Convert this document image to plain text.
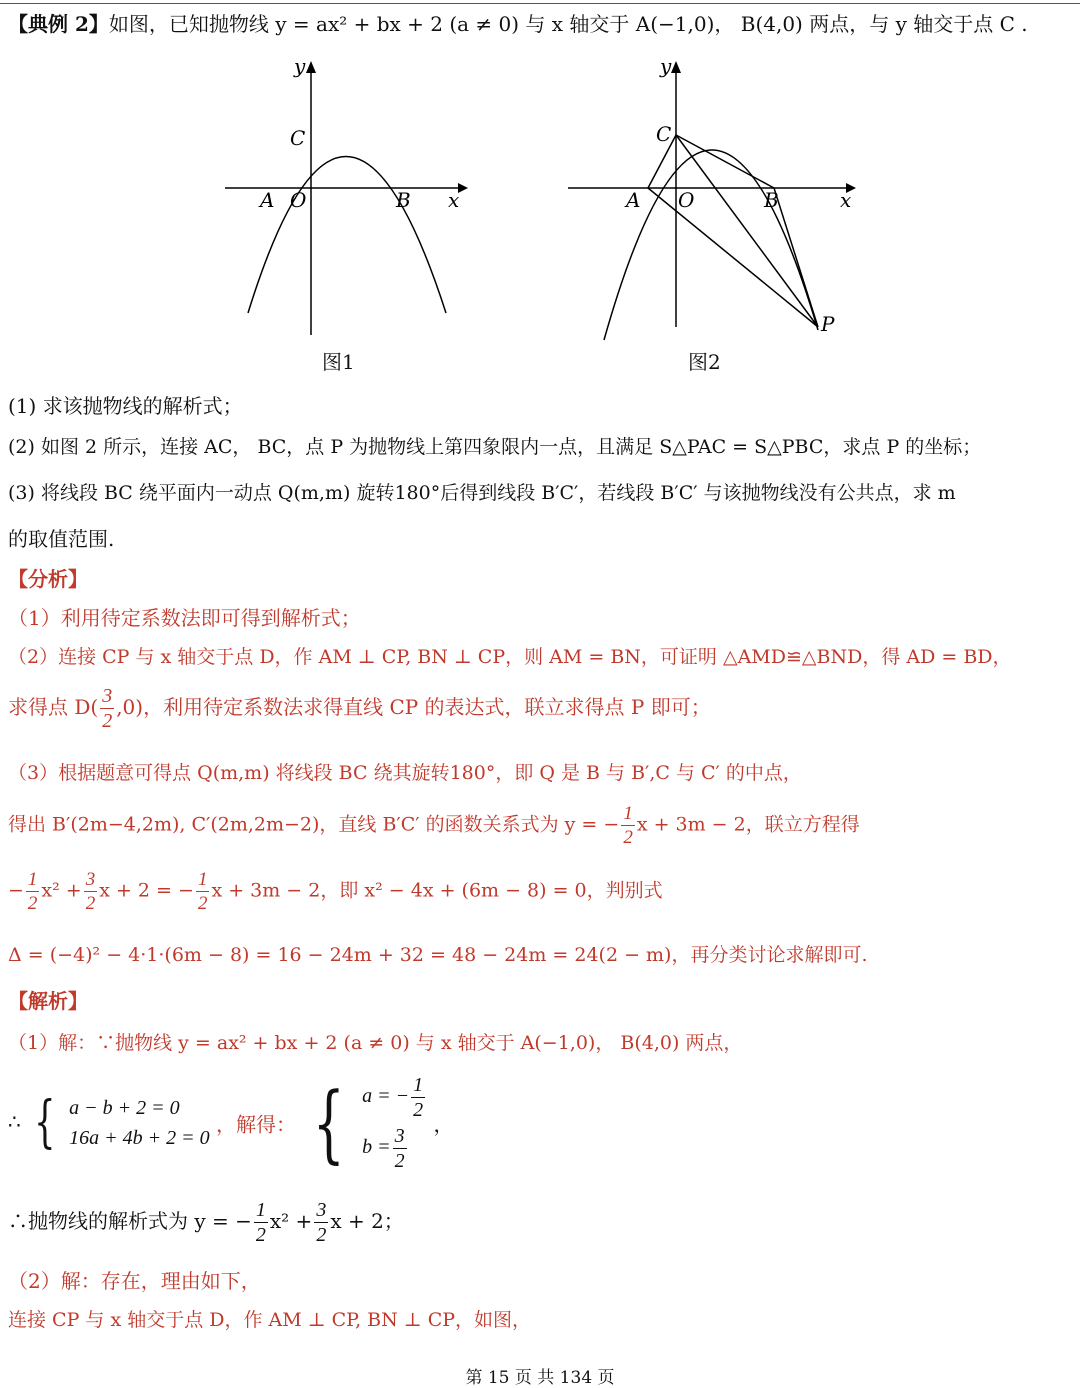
【典例 2】如图，已知抛物线 y = ax² + bx + 2 (a ≠ 0) 与 x 轴交于 A(−1,0)， B(4,0) 两点，与 y 轴交于点 C .
y
x
C
A O	B
图1
y
x
C
A O	B
P
图2
(1) 求该抛物线的解析式；
(2) 如图 2 所示，连接 AC， BC，点 P 为抛物线上第四象限内一点，且满足 S△PAC = S△PBC，求点 P 的坐标；
(3) 将线段 BC 绕平面内一动点 Q(m,m) 旋转180°后得到线段 B′C′，若线段 B′C′ 与该抛物线没有公共点，求 m
的取值范围.
【分析】
（1）利用待定系数法即可得到解析式；
（2）连接 CP 与 x 轴交于点 D，作 AM ⊥ CP, BN ⊥ CP，则 AM = BN，可证明 △AMD≌△BND，得 AD = BD，
求得点 $D( \frac{3}{2} ,0)$，利用待定系数法求得直线 CP 的表达式，联立求得点 P 即可；
（3）根据题意可得点 Q(m,m) 将线段 BC 绕其旋转180°，即 Q 是 B 与 B′,C 与 C′ 的中点，
得出 B′(2m−4,2m), C′(2m,2m−2)，直线 B′C′ 的函数关系式为 y = − $\frac{1}{2}$ x + 3m − 2，联立方程得
− $\frac{1}{2} x^2 + \frac{3}{2}$ x + 2 = − $\frac{1}{2}$ x + 3m − 2，即 x² − 4x + (6m − 8) = 0，判别式
Δ = (−4)² − 4·1·(6m − 8) = 16 − 24m + 32 = 48 − 24m = 24(2 − m)，再分类讨论求解即可.
【解析】
（1）解：∵抛物线 y = ax² + bx + 2 (a ≠ 0) 与 x 轴交于 A(−1,0)， B(4,0) 两点，
∴ { a − b + 2 = 0
16a + 4b + 2 = 0
，解得： { a = − $\frac{1}{2}$
$b = \frac{3}{2}$
，
∴抛物线的解析式为 y = − $\frac{1}{2} x^2 + \frac{3}{2}$ x + 2；
（2）解：存在，理由如下，
连接 CP 与 x 轴交于点 D，作 AM ⊥ CP, BN ⊥ CP，如图，
第 15 页 共 134 页
